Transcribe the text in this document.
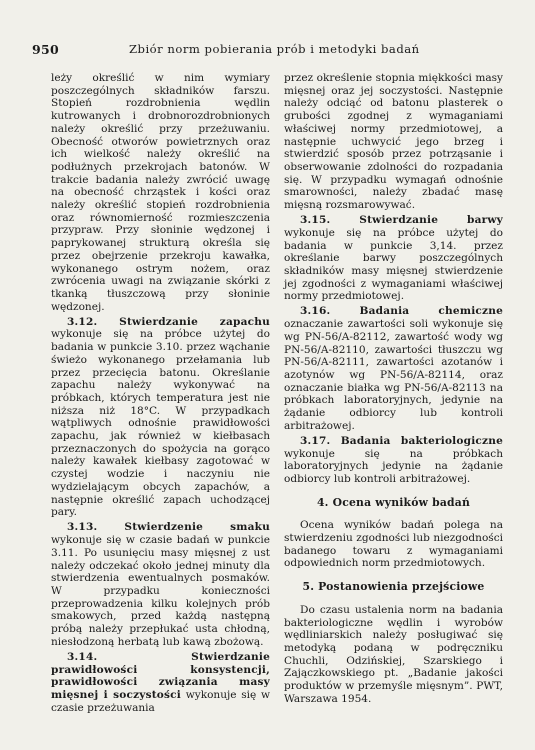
950	Zbiór norm pobierania prób i metodyki badań

leży określić w nim wymiary poszczególnych składników farszu. Stopień rozdrobnienia wędlin kutrowanych i drobnorozdrobnionych należy określić przy przeżuwaniu. Obecność otworów powietrznych oraz ich wielkość należy określić na podłużnych przekrojach batonów. W trakcie badania należy zwrócić uwagę na obecność chrząstek i kości oraz należy określić stopień rozdrobnienia oraz równomierność rozmieszczenia przypraw. Przy słoninie wędzonej i paprykowanej strukturą określa się przez obejrzenie przekroju kawałka, wykonanego ostrym nożem, oraz zwrócenia uwagi na związanie skórki z tkanką tłuszczową przy słoninie wędzonej.

3.12. Stwierdzanie zapachu wykonuje się na próbce użytej do badania w punkcie 3.10. przez wąchanie świeżo wykonanego przełamania lub przez przecięcia batonu. Określanie zapachu należy wykonywać na próbkach, których temperatura jest nie niższa niż 18°C. W przypadkach wątpliwych odnośnie prawidłowości zapachu, jak również w kiełbasach przeznaczonych do spożycia na gorąco należy kawałek kiełbasy zagotować w czystej wodzie i naczyniu nie wydzielającym obcych zapachów, a następnie określić zapach uchodzącej pary.

3.13. Stwierdzenie smaku wykonuje się w czasie badań w punkcie 3.11. Po usunięciu masy mięsnej z ust należy odczekać około jednej minuty dla stwierdzenia ewentualnych posmaków. W przypadku konieczności przeprowadzenia kilku kolejnych prób smakowych, przed każdą następną próbą należy przepłukać usta chłodną, niesłodzoną herbatą lub kawą zbożową.

3.14. Stwierdzanie prawidłowości konsystencji, prawidłowości związania masy mięsnej i soczystości wykonuje się w czasie przeżuwania

przez określenie stopnia miękkości masy mięsnej oraz jej soczystości. Następnie należy odciąć od batonu plasterek o grubości zgodnej z wymaganiami właściwej normy przedmiotowej, a następnie uchwycić jego brzeg i stwierdzić sposób przez potrząsanie i obserwowanie zdolności do rozpadania się. W przypadku wymagań odnośnie smarowności, należy zbadać masę mięsną rozsmarowywać.

3.15. Stwierdzanie barwy wykonuje się na próbce użytej do badania w punkcie 3,14. przez określanie barwy poszczególnych składników masy mięsnej stwierdzenie jej zgodności z wymaganiami właściwej normy przedmiotowej.

3.16. Badania chemiczne oznaczanie zawartości soli wykonuje się wg PN-56/A-82112, zawartość wody wg PN-56/A-82110, zawartości tłuszczu wg PN-56/A-82111, zawartości azotanów i azotynów wg PN-56/A-82114, oraz oznaczanie białka wg PN-56/A-82113 na próbkach laboratoryjnych, jedynie na żądanie odbiorcy lub kontroli arbitrażowej.

3.17. Badania bakteriologiczne wykonuje się na próbkach laboratoryjnych jedynie na żądanie odbiorcy lub kontroli arbitrażowej.

4. Ocena wyników badań

Ocena wyników badań polega na stwierdzeniu zgodności lub niezgodności badanego towaru z wymaganiami odpowiednich norm przedmiotowych.

5. Postanowienia przejściowe

Do czasu ustalenia norm na badania bakteriologiczne wędlin i wyrobów wędliniarskich należy posługiwać się metodyką podaną w podręczniku Chuchli, Odzińskiej, Szarskiego i Zajączkowskiego pt. „Badanie jakości produktów w przemyśle mięsnym”. PWT, Warszawa 1954.
